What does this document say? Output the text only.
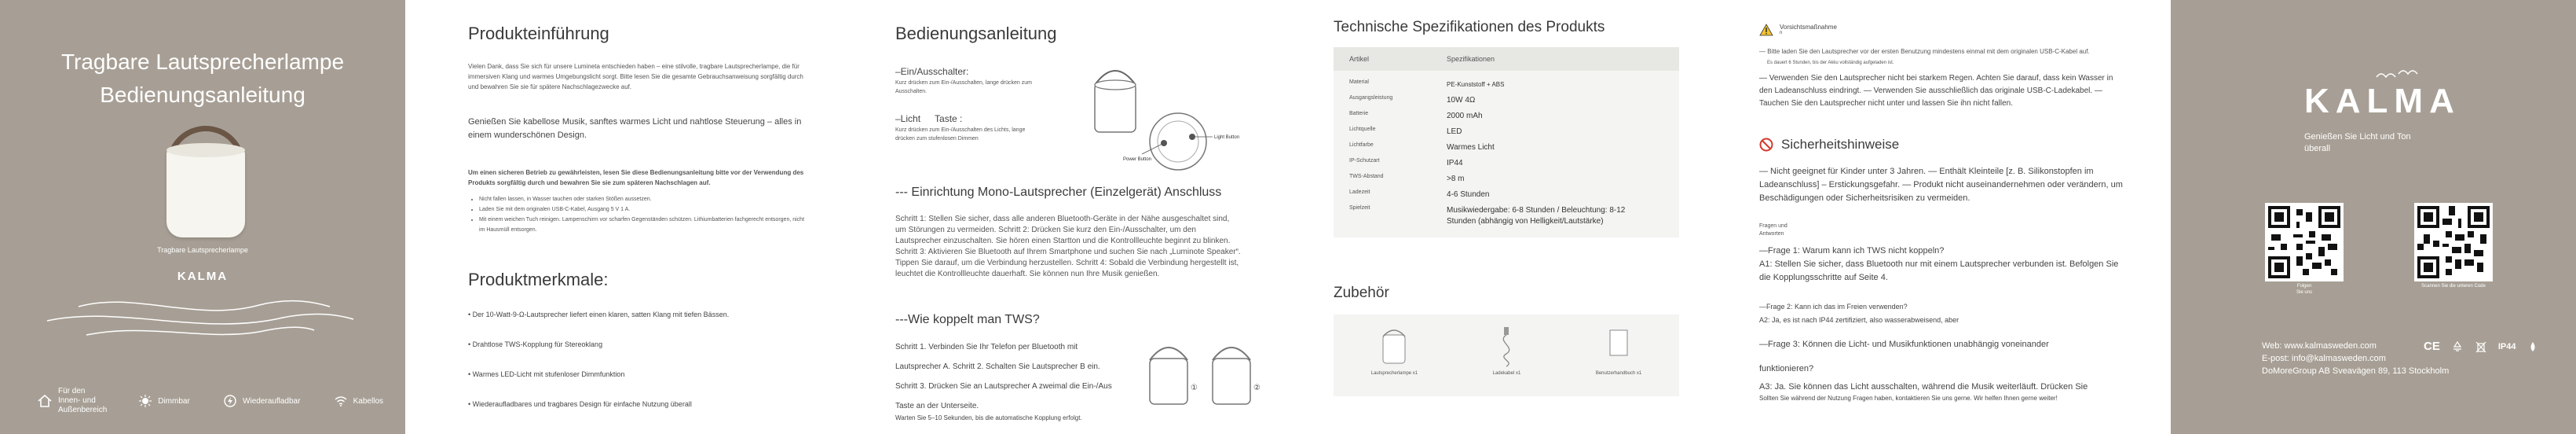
Tragbare Lautsprecherlampe
Bedienungsanleitung
Tragbare Lautsprecherlampe
KALMA
Für den Innen- und Außenbereich
Dimmbar	Wiederaufladbar	Kabellos
Produkteinführung
Vielen Dank, dass Sie sich für unsere Lumineta entschieden haben – eine stilvolle, tragbare Lautsprecherlampe, die für immersiven Klang und warmes Umgebungslicht sorgt. Bitte lesen Sie die gesamte Gebrauchsanweisung sorgfältig durch und bewahren Sie sie für spätere Nachschlagezwecke auf.
Genießen Sie kabellose Musik, sanftes warmes Licht und nahtlose Steuerung – alles in einem wunderschönen Design.
Um einen sicheren Betrieb zu gewährleisten, lesen Sie diese Bedienungsanleitung bitte vor der Verwendung des Produkts sorgfältig durch und bewahren Sie sie zum späteren Nachschlagen auf.
• Nicht fallen lassen, in Wasser tauchen oder starken Stößen aussetzen.
• Laden Sie mit dem originalen USB-C-Kabel, Ausgang 5 V 1 A.
• Mit einem weichen Tuch reinigen. Lampenschirm vor scharfen Gegenständen schützen. Lithiumbatterien fachgerecht entsorgen, nicht im Hausmüll entsorgen.
Produktmerkmale:
• Der 10-Watt-9-Ω-Lautsprecher liefert einen klaren, satten Klang mit tiefen Bässen.
• Drahtlose TWS-Kopplung für Stereoklang
• Warmes LED-Licht mit stufenloser Dimmfunktion
• Wiederaufladbares und tragbares Design für einfache Nutzung überall
Bedienungsanleitung
–Ein/Ausschalter:
Kurz drücken zum Ein-/Ausschalten, lange drücken zum Ausschalten.
–Licht Taste :
Kurz drücken zum Ein-/Ausschalten des Lichts, lange drücken zum stufenlosen Dimmen
Power Button
Light Button
--- Einrichtung Mono-Lautsprecher (Einzelgerät) Anschluss
Schritt 1: Stellen Sie sicher, dass alle anderen Bluetooth-Geräte in der Nähe ausgeschaltet sind, um Störungen zu vermeiden. Schritt 2: Drücken Sie kurz den Ein-/Ausschalter, um den Lautsprecher einzuschalten. Sie hören einen Startton und die Kontrollleuchte beginnt zu blinken. Schritt 3: Aktivieren Sie Bluetooth auf Ihrem Smartphone und suchen Sie nach „Luminote Speaker“. Tippen Sie darauf, um die Verbindung herzustellen. Schritt 4: Sobald die Verbindung hergestellt ist, leuchtet die Kontrollleuchte dauerhaft. Sie können nun Ihre Musik genießen.
---Wie koppelt man TWS?
Schritt 1. Verbinden Sie Ihr Telefon per Bluetooth mit
Lautsprecher A. Schritt 2. Schalten Sie Lautsprecher B ein.
Schritt 3. Drücken Sie an Lautsprecher A zweimal die Ein-/Aus
Taste an der Unterseite.
Warten Sie 5–10 Sekunden, bis die automatische Kopplung erfolgt.
①	②
Technische Spezifikationen des Produkts
Artikel	Spezifikationen
Material	PE-Kunststoff + ABS
Ausgangsleistung	10W 4Ω
Batterie	2000 mAh
Lichtquelle	LED
Lichtfarbe	Warmes Licht
IP-Schutzart	IP44
TWS-Abstand	>8 m
Ladezeit	4-6 Stunden
Spielzeit	Musikwiedergabe: 6-8 Stunden / Beleuchtung: 8-12 Stunden (abhängig von Helligkeit/Lautstärke)
Zubehör
Lautsprecherlampe x1	Ladekabel x1	Benutzerhandbuch x1
Vorsichtsmaßnahme
n
— Bitte laden Sie den Lautsprecher vor der ersten Benutzung mindestens einmal mit dem originalen USB-C-Kabel auf.
Es dauert 6 Stunden, bis der Akku vollständig aufgeladen ist.
— Verwenden Sie den Lautsprecher nicht bei starkem Regen. Achten Sie darauf, dass kein Wasser in den Ladeanschluss eindringt. — Verwenden Sie ausschließlich das originale USB-C-Ladekabel. — Tauchen Sie den Lautsprecher nicht unter und lassen Sie ihn nicht fallen.
Sicherheitshinweise
— Nicht geeignet für Kinder unter 3 Jahren. — Enthält Kleinteile [z. B. Silikonstopfen im Ladeanschluss] – Erstickungsgefahr. — Produkt nicht auseinandernehmen oder verändern, um Beschädigungen oder Sicherheitsrisiken zu vermeiden.
Fragen und
Antworten
—Frage 1: Warum kann ich TWS nicht koppeln?
A1: Stellen Sie sicher, dass Bluetooth nur mit einem Lautsprecher verbunden ist. Befolgen Sie die Kopplungsschritte auf Seite 4.
—Frage 2: Kann ich das im Freien verwenden?
A2: Ja, es ist nach IP44 zertifiziert, also wasserabweisend, aber
—Frage 3: Können die Licht- und Musikfunktionen unabhängig voneinander
funktionieren?
A3: Ja. Sie können das Licht ausschalten, während die Musik weiterläuft. Drücken Sie
Sollten Sie während der Nutzung Fragen haben, kontaktieren Sie uns gerne. Wir helfen Ihnen gerne weiter!
KALMA
Genießen Sie Licht und Ton
überall
Folgen
Sie uns
Scannen Sie die unteren Code
Web: www.kalmasweden.com
E-post: info@kalmasweden.com
DoMoreGroup AB Sveavägen 89, 113 Stockholm
CE	IP44
